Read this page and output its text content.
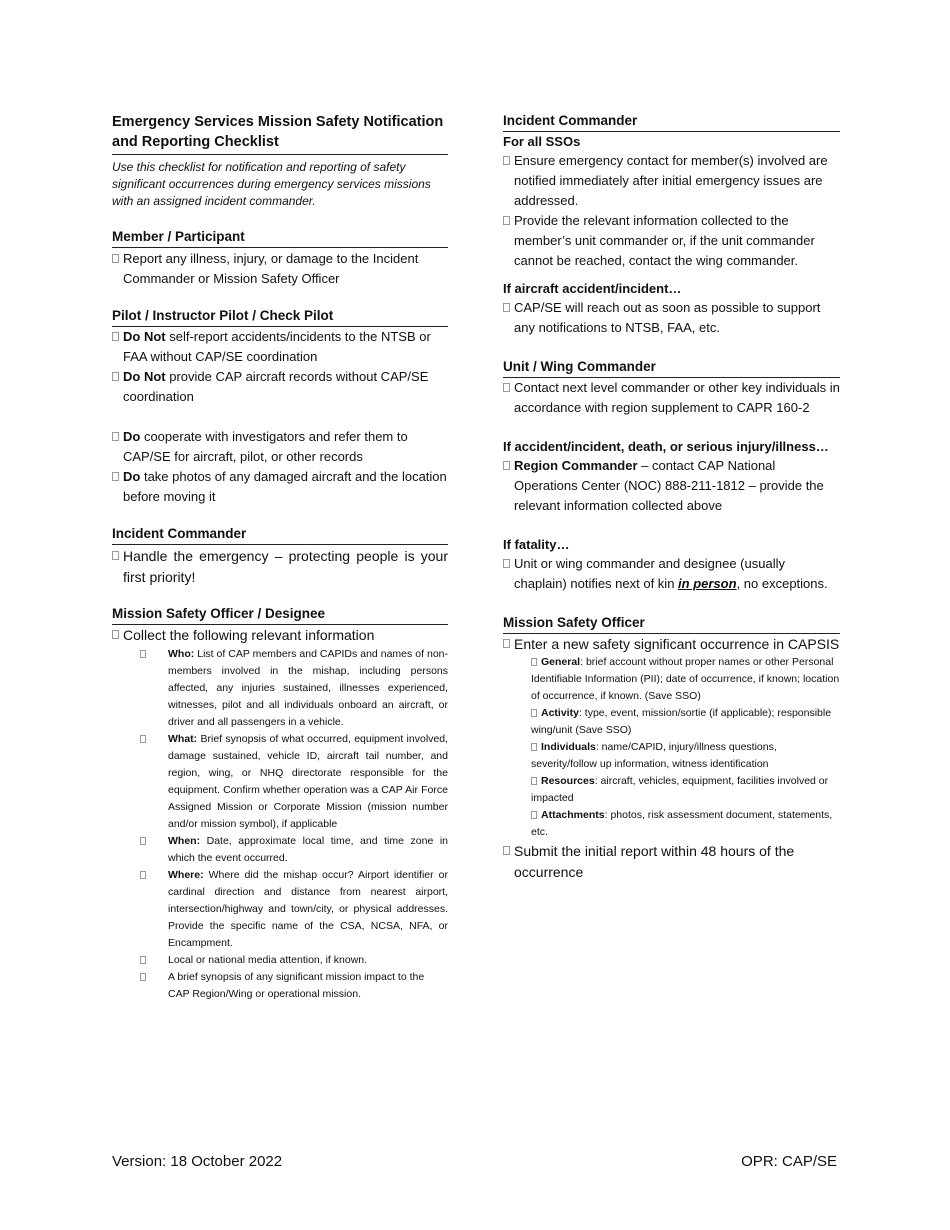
Emergency Services Mission Safety Notification and Reporting Checklist

Use this checklist for notification and reporting of safety significant occurrences during emergency services missions with an assigned incident commander.

Member / Participant

Report any illness, injury, or damage to the Incident Commander or Mission Safety Officer

Pilot / Instructor Pilot / Check Pilot

Do Not self-report accidents/incidents to the NTSB or FAA without CAP/SE coordination

Do Not provide CAP aircraft records without CAP/SE coordination

Do cooperate with investigators and refer them to CAP/SE for aircraft, pilot, or other records

Do take photos of any damaged aircraft and the location before moving it

Incident Commander

Handle the emergency – protecting people is your first priority!

Mission Safety Officer / Designee

Collect the following relevant information

Who: List of CAP members and CAPIDs and names of non-members involved in the mishap, including persons affected, any injuries sustained, illnesses experienced, witnesses, pilot and all individuals onboard an aircraft, or driver and all passengers in a vehicle.

What: Brief synopsis of what occurred, equipment involved, damage sustained, vehicle ID, aircraft tail number, and region, wing, or NHQ directorate responsible for the equipment. Confirm whether operation was a CAP Air Force Assigned Mission or Corporate Mission (mission number and/or mission symbol), if applicable

When: Date, approximate local time, and time zone in which the event occurred.

Where: Where did the mishap occur? Airport identifier or cardinal direction and distance from nearest airport, intersection/highway and town/city, or physical addresses. Provide the specific name of the CSA, NCSA, NFA, or Encampment.

Local or national media attention, if known.

A brief synopsis of any significant mission impact to the CAP Region/Wing or operational mission.

Incident Commander
For all SSOs

Ensure emergency contact for member(s) involved are notified immediately after initial emergency issues are addressed.

Provide the relevant information collected to the member’s unit commander or, if the unit commander cannot be reached, contact the wing commander.

If aircraft accident/incident…

CAP/SE will reach out as soon as possible to support any notifications to NTSB, FAA, etc.

Unit / Wing Commander

Contact next level commander or other key individuals in accordance with region supplement to CAPR 160-2

If accident/incident, death, or serious injury/illness…

Region Commander – contact CAP National Operations Center (NOC) 888-211-1812 – provide the relevant information collected above

If fatality…

Unit or wing commander and designee (usually chaplain) notifies next of kin in person, no exceptions.

Mission Safety Officer

Enter a new safety significant occurrence in CAPSIS

General: brief account without proper names or other Personal Identifiable Information (PII); date of occurrence, if known; location of occurrence, if known. (Save SSO)

Activity: type, event, mission/sortie (if applicable); responsible wing/unit (Save SSO)

Individuals: name/CAPID, injury/illness questions, severity/follow up information, witness identification

Resources: aircraft, vehicles, equipment, facilities involved or impacted

Attachments: photos, risk assessment document, statements, etc.

Submit the initial report within 48 hours of the occurrence

Version: 18 October 2022	OPR: CAP/SE
